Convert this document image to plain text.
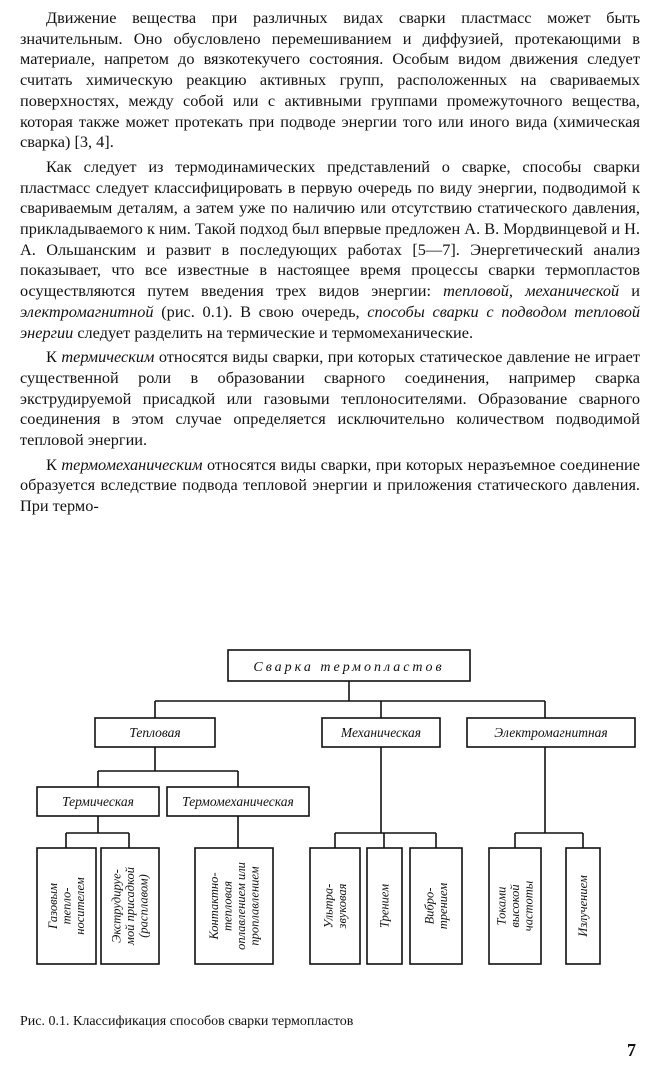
Движение вещества при различных видах сварки пластмасс может быть значительным. Оно обусловлено перемешиванием и диффузией, протекающими в материале, напретом до вязкотекучего состояния. Особым видом движения следует считать химическую реакцию активных групп, расположенных на свариваемых поверхностях, между собой или с активными группами промежуточного вещества, которая также может протекать при подводе энергии того или иного вида (химическая сварка) [3, 4].

Как следует из термодинамических представлений о сварке, способы сварки пластмасс следует классифицировать в первую очередь по виду энергии, подводимой к свариваемым деталям, а затем уже по наличию или отсутствию статического давления, прикладываемого к ним. Такой подход был впервые предложен А. В. Мордвинцевой и Н. А. Ольшанским и развит в последующих работах [5—7]. Энергетический анализ показывает, что все известные в настоящее время процессы сварки термопластов осуществляются путем введения трех видов энергии: тепловой, механической и электромагнитной (рис. 0.1). В свою очередь, способы сварки с подводом тепловой энергии следует разделить на термические и термомеханические.

К термическим относятся виды сварки, при которых статическое давление не играет существенной роли в образовании сварного соединения, например сварка экструдируемой присадкой или газовыми теплоносителями. Образование сварного соединения в этом случае определяется исключительно количеством подводимой тепловой энергии.

К термомеханическим относятся виды сварки, при которых неразъемное соединение образуется вследствие подвода тепловой энергии и приложения статического давления. При термо-

Сварка термопластов
Тепловая	Механическая	Электромагнитная
Термическая	Термомеханическая
Газовымтепло-носителем Экструдируе-мой присадкой(расплавом)	Контактно-тепловаяоплавлением илипроплавлением	Ультра-звуковая Трением Вибро-трением	Токамивысокойчастоты	Излучением
Рис. 0.1. Классификация способов сварки термопластов
7
